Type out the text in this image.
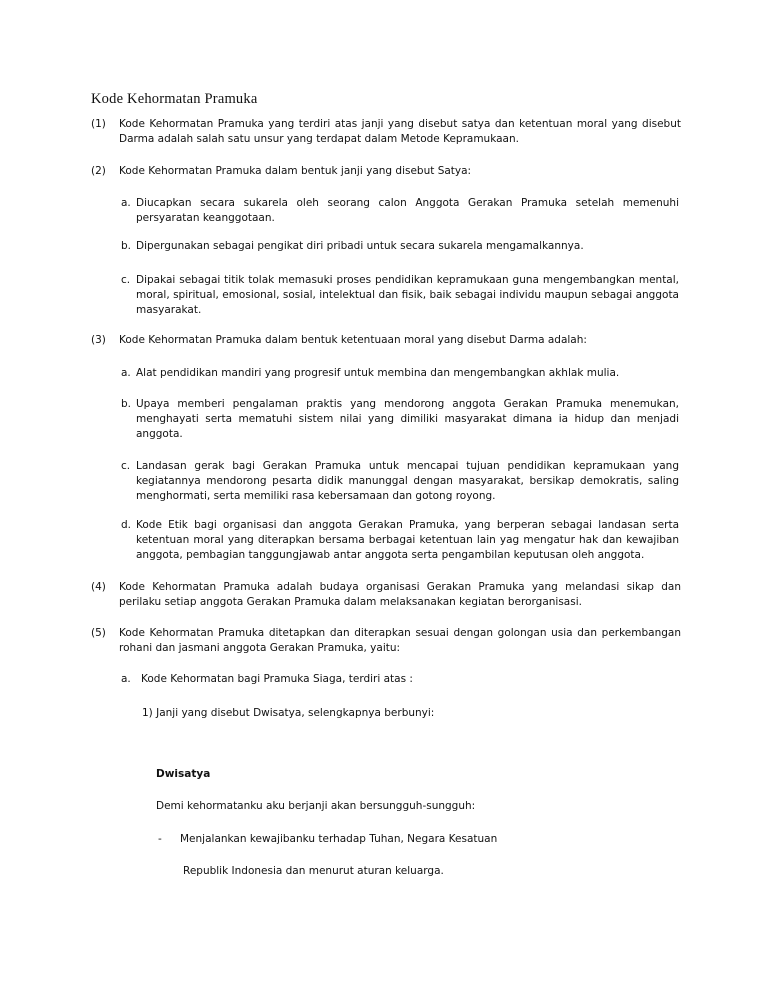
Kode Kehormatan Pramuka
(1)	Kode Kehormatan Pramuka yang terdiri atas janji yang disebut satya dan ketentuan moral yang disebut Darma adalah salah satu unsur yang terdapat dalam Metode Kepramukaan.
(2)	Kode Kehormatan Pramuka dalam bentuk janji yang disebut Satya:
a. Diucapkan secara sukarela oleh seorang calon Anggota Gerakan Pramuka setelah memenuhi persyaratan keanggotaan.
b. Dipergunakan sebagai pengikat diri pribadi untuk secara sukarela mengamalkannya.
c. Dipakai sebagai titik tolak memasuki proses pendidikan kepramukaan guna mengembangkan mental, moral, spiritual, emosional, sosial, intelektual dan fisik, baik sebagai individu maupun sebagai anggota masyarakat.
(3)	Kode Kehormatan Pramuka dalam bentuk ketentuaan moral yang disebut Darma adalah:
a. Alat pendidikan mandiri yang progresif untuk membina dan mengembangkan akhlak mulia.
b. Upaya memberi pengalaman praktis yang mendorong anggota Gerakan Pramuka menemukan, menghayati serta mematuhi sistem nilai yang dimiliki masyarakat dimana ia hidup dan menjadi anggota.
c. Landasan gerak bagi Gerakan Pramuka untuk mencapai tujuan pendidikan kepramukaan yang kegiatannya mendorong pesarta didik manunggal dengan masyarakat, bersikap demokratis, saling menghormati, serta memiliki rasa kebersamaan dan gotong royong.
d. Kode Etik bagi organisasi dan anggota Gerakan Pramuka, yang berperan sebagai landasan serta ketentuan moral yang diterapkan bersama berbagai ketentuan lain yag mengatur hak dan kewajiban anggota, pembagian tanggungjawab antar anggota serta pengambilan keputusan oleh anggota.
(4)	Kode Kehormatan Pramuka adalah budaya organisasi Gerakan Pramuka yang melandasi sikap dan perilaku setiap anggota Gerakan Pramuka dalam melaksanakan kegiatan berorganisasi.
(5)	Kode Kehormatan Pramuka ditetapkan dan diterapkan sesuai dengan golongan usia dan perkembangan rohani dan jasmani anggota Gerakan Pramuka, yaitu:
a. Kode Kehormatan bagi Pramuka Siaga, terdiri atas :
1) Janji yang disebut Dwisatya, selengkapnya berbunyi:
Dwisatya
Demi kehormatanku aku berjanji akan bersungguh-sungguh:
- Menjalankan kewajibanku terhadap Tuhan, Negara Kesatuan
Republik Indonesia dan menurut aturan keluarga.
